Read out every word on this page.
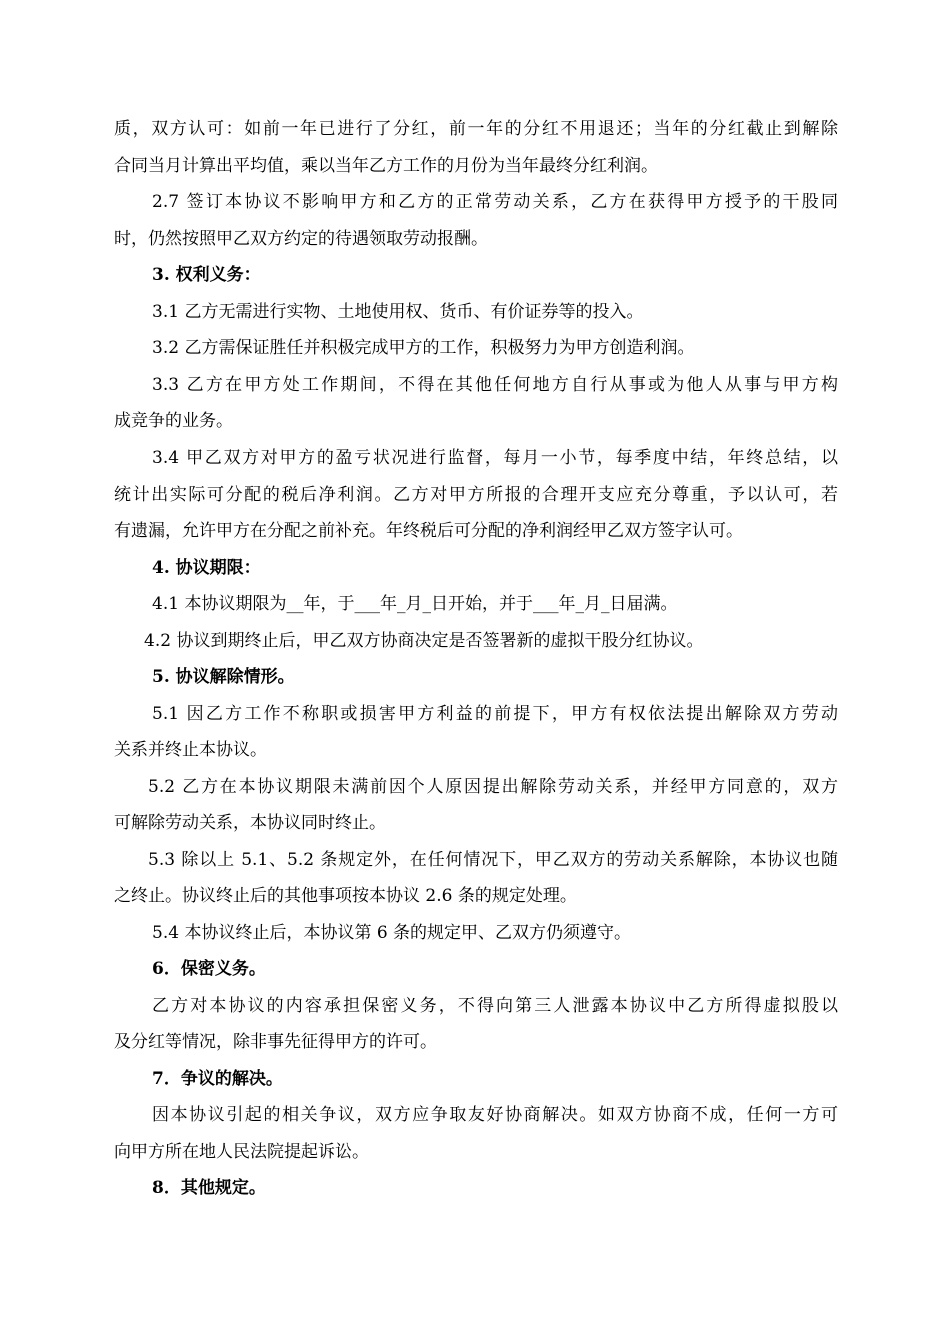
质，双方认可：如前一年已进行了分红，前一年的分红不用退还；当年的分红截止到解除
合同当月计算出平均值，乘以当年乙方工作的月份为当年最终分红利润。
2.7 签订本协议不影响甲方和乙方的正常劳动关系，乙方在获得甲方授予的干股同
时，仍然按照甲乙双方约定的待遇领取劳动报酬。
3. 权利义务：
3.1 乙方无需进行实物、土地使用权、货币、有价证券等的投入。
3.2 乙方需保证胜任并积极完成甲方的工作，积极努力为甲方创造利润。
3.3 乙方在甲方处工作期间，不得在其他任何地方自行从事或为他人从事与甲方构
成竞争的业务。
3.4 甲乙双方对甲方的盈亏状况进行监督，每月一小节，每季度中结，年终总结，以
统计出实际可分配的税后净利润。乙方对甲方所报的合理开支应充分尊重，予以认可，若
有遗漏，允许甲方在分配之前补充。年终税后可分配的净利润经甲乙双方签字认可。
4. 协议期限：
4.1 本协议期限为__年，于___年_月_日开始，并于___年_月_日届满。
4.2 协议到期终止后，甲乙双方协商决定是否签署新的虚拟干股分红协议。
5. 协议解除情形。
5.1 因乙方工作不称职或损害甲方利益的前提下，甲方有权依法提出解除双方劳动
关系并终止本协议。
5.2 乙方在本协议期限未满前因个人原因提出解除劳动关系，并经甲方同意的，双方
可解除劳动关系，本协议同时终止。
5.3 除以上 5.1、5.2 条规定外，在任何情况下，甲乙双方的劳动关系解除，本协议也随
之终止。协议终止后的其他事项按本协议 2.6 条的规定处理。
5.4 本协议终止后，本协议第 6 条的规定甲、乙双方仍须遵守。
6．保密义务。
乙方对本协议的内容承担保密义务，不得向第三人泄露本协议中乙方所得虚拟股以
及分红等情况，除非事先征得甲方的许可。
7．争议的解决。
因本协议引起的相关争议，双方应争取友好协商解决。如双方协商不成，任何一方可
向甲方所在地人民法院提起诉讼。
8．其他规定。
